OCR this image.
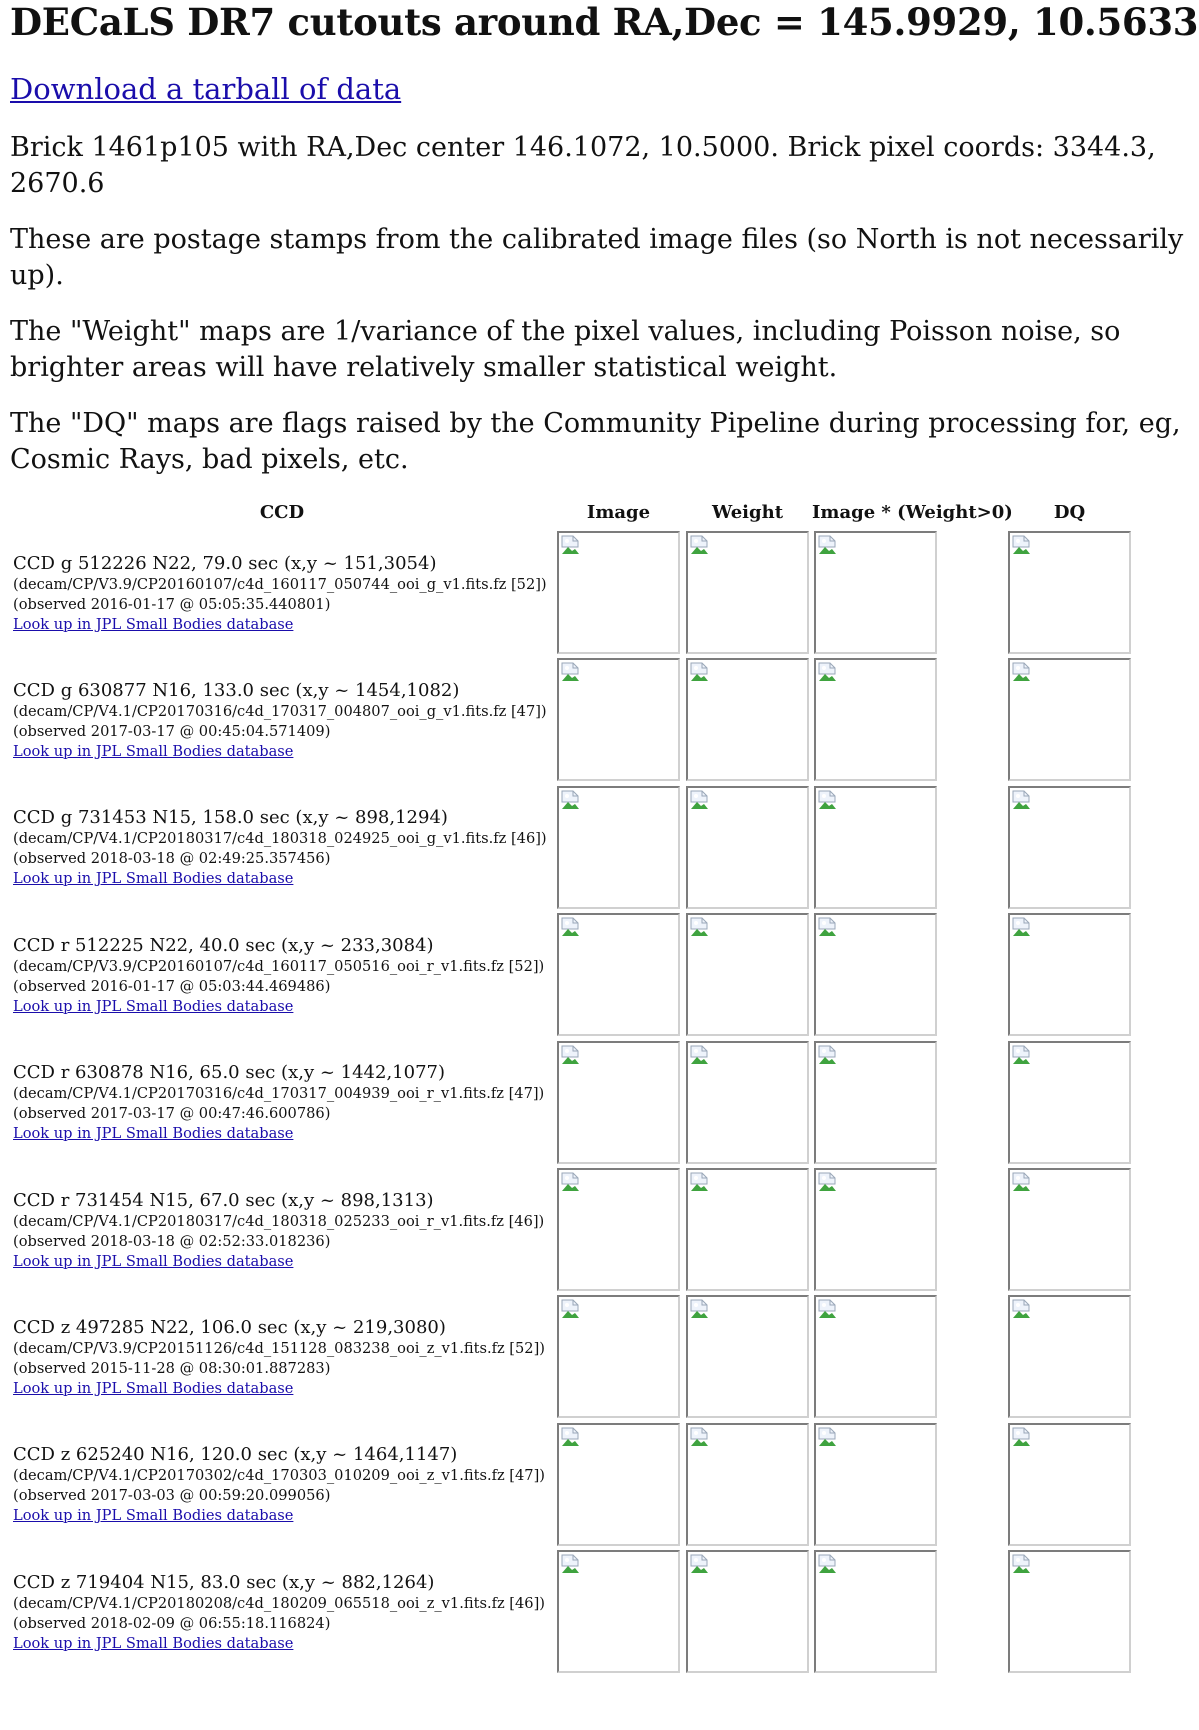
DECaLS DR7 cutouts around RA,Dec = 145.9929, 10.5633
Download a tarball of data

Brick 1461p105 with RA,Dec center 146.1072, 10.5000. Brick pixel coords: 3344.3, 2670.6

These are postage stamps from the calibrated image files (so North is not necessarily up).

The "Weight" maps are 1/variance of the pixel values, including Poisson noise, so brighter areas will have relatively smaller statistical weight.

The "DQ" maps are flags raised by the Community Pipeline during processing for, eg, Cosmic Rays, bad pixels, etc.

CCD	Image	Weight	Image * (Weight>0)	DQ
CCD g 512226 N22, 79.0 sec (x,y ~ 151,3054)
(decam/CP/V3.9/CP20160107/c4d_160117_050744_ooi_g_v1.fits.fz [52])
(observed 2016-01-17 @ 05:05:35.440801)
Look up in JPL Small Bodies database
CCD g 630877 N16, 133.0 sec (x,y ~ 1454,1082)
(decam/CP/V4.1/CP20170316/c4d_170317_004807_ooi_g_v1.fits.fz [47])
(observed 2017-03-17 @ 00:45:04.571409)
Look up in JPL Small Bodies database
CCD g 731453 N15, 158.0 sec (x,y ~ 898,1294)
(decam/CP/V4.1/CP20180317/c4d_180318_024925_ooi_g_v1.fits.fz [46])
(observed 2018-03-18 @ 02:49:25.357456)
Look up in JPL Small Bodies database
CCD r 512225 N22, 40.0 sec (x,y ~ 233,3084)
(decam/CP/V3.9/CP20160107/c4d_160117_050516_ooi_r_v1.fits.fz [52])
(observed 2016-01-17 @ 05:03:44.469486)
Look up in JPL Small Bodies database
CCD r 630878 N16, 65.0 sec (x,y ~ 1442,1077)
(decam/CP/V4.1/CP20170316/c4d_170317_004939_ooi_r_v1.fits.fz [47])
(observed 2017-03-17 @ 00:47:46.600786)
Look up in JPL Small Bodies database
CCD r 731454 N15, 67.0 sec (x,y ~ 898,1313)
(decam/CP/V4.1/CP20180317/c4d_180318_025233_ooi_r_v1.fits.fz [46])
(observed 2018-03-18 @ 02:52:33.018236)
Look up in JPL Small Bodies database
CCD z 497285 N22, 106.0 sec (x,y ~ 219,3080)
(decam/CP/V3.9/CP20151126/c4d_151128_083238_ooi_z_v1.fits.fz [52])
(observed 2015-11-28 @ 08:30:01.887283)
Look up in JPL Small Bodies database
CCD z 625240 N16, 120.0 sec (x,y ~ 1464,1147)
(decam/CP/V4.1/CP20170302/c4d_170303_010209_ooi_z_v1.fits.fz [47])
(observed 2017-03-03 @ 00:59:20.099056)
Look up in JPL Small Bodies database
CCD z 719404 N15, 83.0 sec (x,y ~ 882,1264)
(decam/CP/V4.1/CP20180208/c4d_180209_065518_ooi_z_v1.fits.fz [46])
(observed 2018-02-09 @ 06:55:18.116824)
Look up in JPL Small Bodies database
